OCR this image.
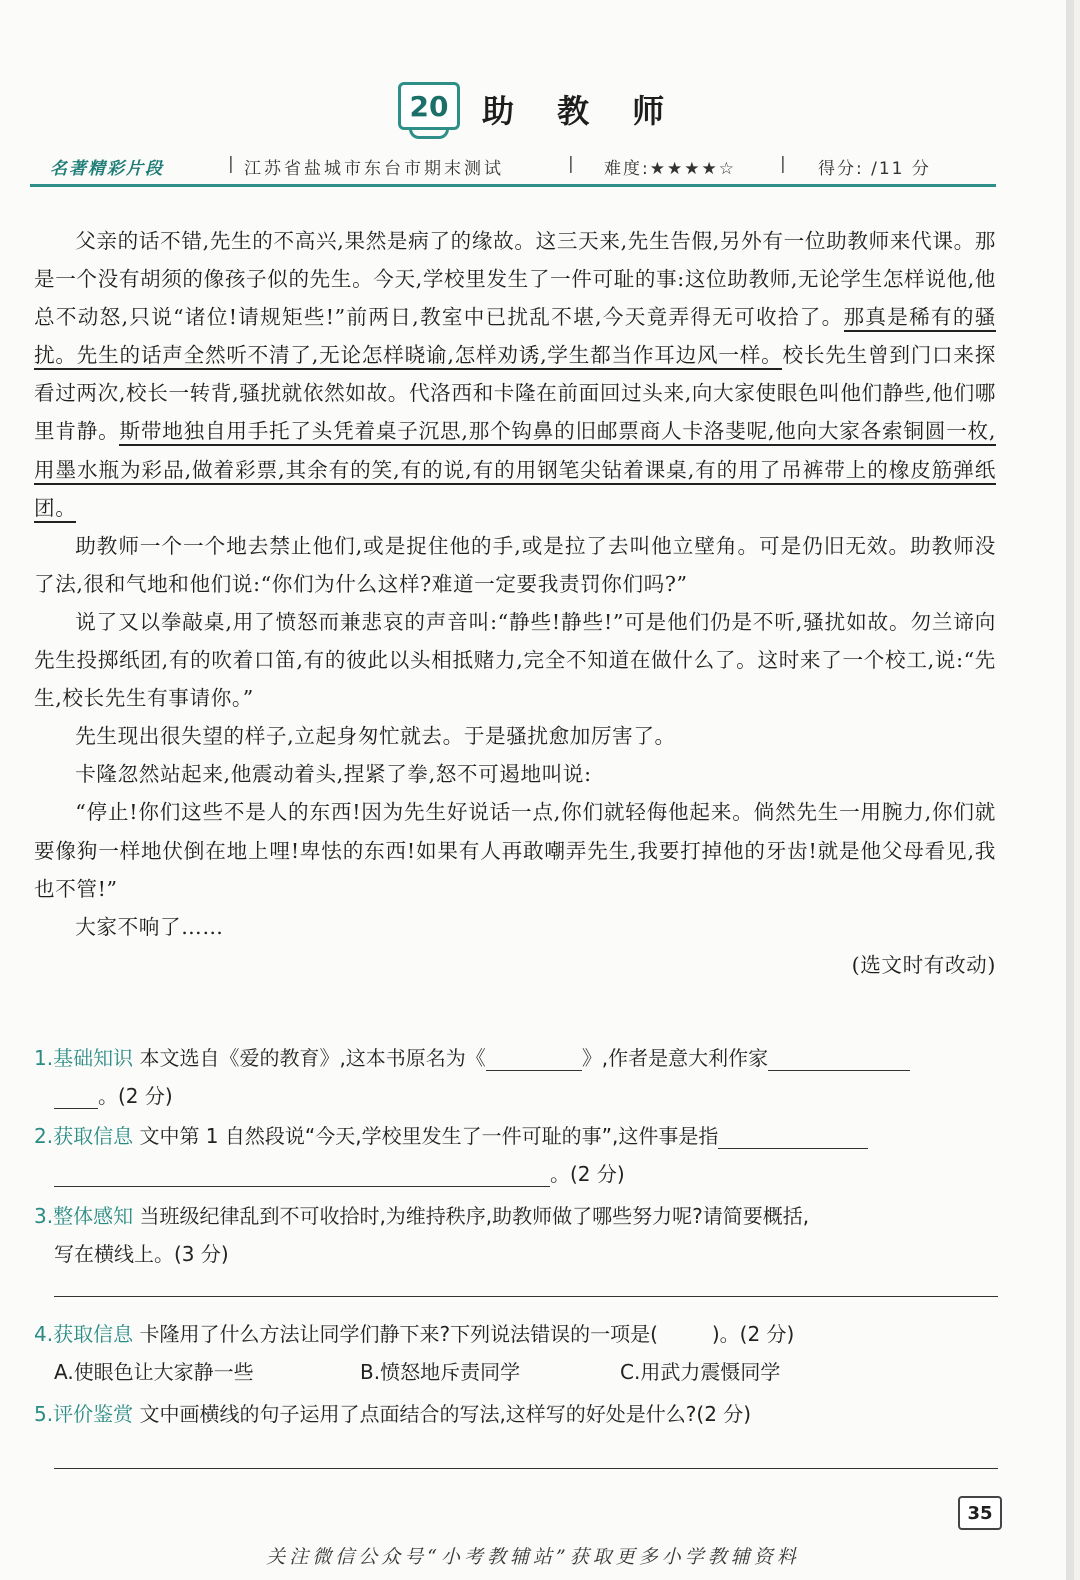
20	助 教 师
名著精彩片段	| 江苏省盐城市东台市期末测试	| 难度:★★★★☆	| 得分: /11 分

父亲的话不错,先生的不高兴,果然是病了的缘故。这三天来,先生告假,另外有一位助教师来代课。那是一个没有胡须的像孩子似的先生。今天,学校里发生了一件可耻的事:这位助教师,无论学生怎样说他,他总不动怒,只说“诸位!请规矩些!”前两日,教室中已扰乱不堪,今天竟弄得无可收拾了。那真是稀有的骚扰。先生的话声全然听不清了,无论怎样晓谕,怎样劝诱,学生都当作耳边风一样。校长先生曾到门口来探看过两次,校长一转背,骚扰就依然如故。代洛西和卡隆在前面回过头来,向大家使眼色叫他们静些,他们哪里肯静。斯带地独自用手托了头凭着桌子沉思,那个钩鼻的旧邮票商人卡洛斐呢,他向大家各索铜圆一枚,用墨水瓶为彩品,做着彩票,其余有的笑,有的说,有的用钢笔尖钻着课桌,有的用了吊裤带上的橡皮筋弹纸团。

助教师一个一个地去禁止他们,或是捉住他的手,或是拉了去叫他立壁角。可是仍旧无效。助教师没了法,很和气地和他们说:“你们为什么这样?难道一定要我责罚你们吗?”

说了又以拳敲桌,用了愤怒而兼悲哀的声音叫:“静些!静些!”可是他们仍是不听,骚扰如故。勿兰谛向先生投掷纸团,有的吹着口笛,有的彼此以头相抵赌力,完全不知道在做什么了。这时来了一个校工,说:“先生,校长先生有事请你。”

先生现出很失望的样子,立起身匆忙就去。于是骚扰愈加厉害了。

卡隆忽然站起来,他震动着头,捏紧了拳,怒不可遏地叫说:

“停止!你们这些不是人的东西!因为先生好说话一点,你们就轻侮他起来。倘然先生一用腕力,你们就要像狗一样地伏倒在地上哩!卑怯的东西!如果有人再敢嘲弄先生,我要打掉他的牙齿!就是他父母看见,我也不管!”

大家不响了……

(选文时有改动)

1.基础知识 本文选自《爱的教育》,这本书原名为《	》,作者是意大利作家
。(2 分)
2.获取信息 文中第 1 自然段说“今天,学校里发生了一件可耻的事”,这件事是指
。(2 分)
3.整体感知 当班级纪律乱到不可收拾时,为维持秩序,助教师做了哪些努力呢?请简要概括,
写在横线上。(3 分)
4.获取信息 卡隆用了什么方法让同学们静下来?下列说法错误的一项是(	)。(2 分)
A.使眼色让大家静一些	B.愤怒地斥责同学	C.用武力震慑同学
5.评价鉴赏 文中画横线的句子运用了点面结合的写法,这样写的好处是什么?(2 分)
35
关注微信公众号“小考教辅站”获取更多小学教辅资料
